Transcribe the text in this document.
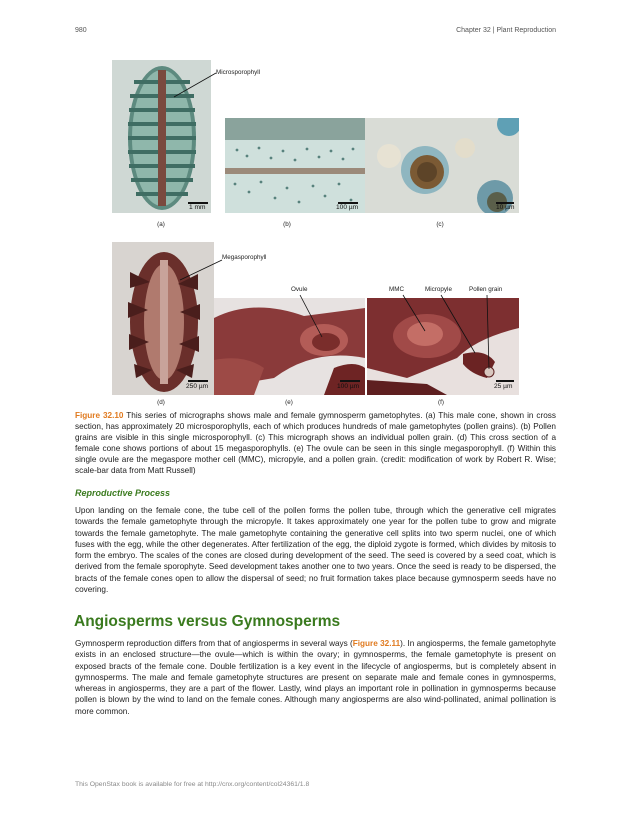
980	Chapter 32 | Plant Reproduction
Microsporophyll
1 mm	100 µm	10 µm
(a)	(b)	(c)
Megasporophyll
250 µm
Ovule
100 µm
MMC	Micropyle	Pollen grain
25 µm
(d)	(e)	(f)
Figure 32.10 This series of micrographs shows male and female gymnosperm gametophytes. (a) This male cone, shown in cross section, has approximately 20 microsporophylls, each of which produces hundreds of male gametophytes (pollen grains). (b) Pollen grains are visible in this single microsporophyll. (c) This micrograph shows an individual pollen grain. (d) This cross section of a female cone shows portions of about 15 megasporophylls. (e) The ovule can be seen in this single megasporophyll. (f) Within this single ovule are the megaspore mother cell (MMC), micropyle, and a pollen grain. (credit: modification of work by Robert R. Wise; scale-bar data from Matt Russell)
Reproductive Process
Upon landing on the female cone, the tube cell of the pollen forms the pollen tube, through which the generative cell migrates towards the female gametophyte through the micropyle. It takes approximately one year for the pollen tube to grow and migrate towards the female gametophyte. The male gametophyte containing the generative cell splits into two sperm nuclei, one of which fuses with the egg, while the other degenerates. After fertilization of the egg, the diploid zygote is formed, which divides by mitosis to form the embryo. The scales of the cones are closed during development of the seed. The seed is covered by a seed coat, which is derived from the female sporophyte. Seed development takes another one to two years. Once the seed is ready to be dispersed, the bracts of the female cones open to allow the dispersal of seed; no fruit formation takes place because gymnosperm seeds have no covering.
Angiosperms versus Gymnosperms
Gymnosperm reproduction differs from that of angiosperms in several ways (Figure 32.11). In angiosperms, the female gametophyte exists in an enclosed structure—the ovule—which is within the ovary; in gymnosperms, the female gametophyte is present on exposed bracts of the female cone. Double fertilization is a key event in the lifecycle of angiosperms, but is completely absent in gymnosperms. The male and female gametophyte structures are present on separate male and female cones in gymnosperms, whereas in angiosperms, they are a part of the flower. Lastly, wind plays an important role in pollination in gymnosperms because pollen is blown by the wind to land on the female cones. Although many angiosperms are also wind-pollinated, animal pollination is more common.
This OpenStax book is available for free at http://cnx.org/content/col24361/1.8
